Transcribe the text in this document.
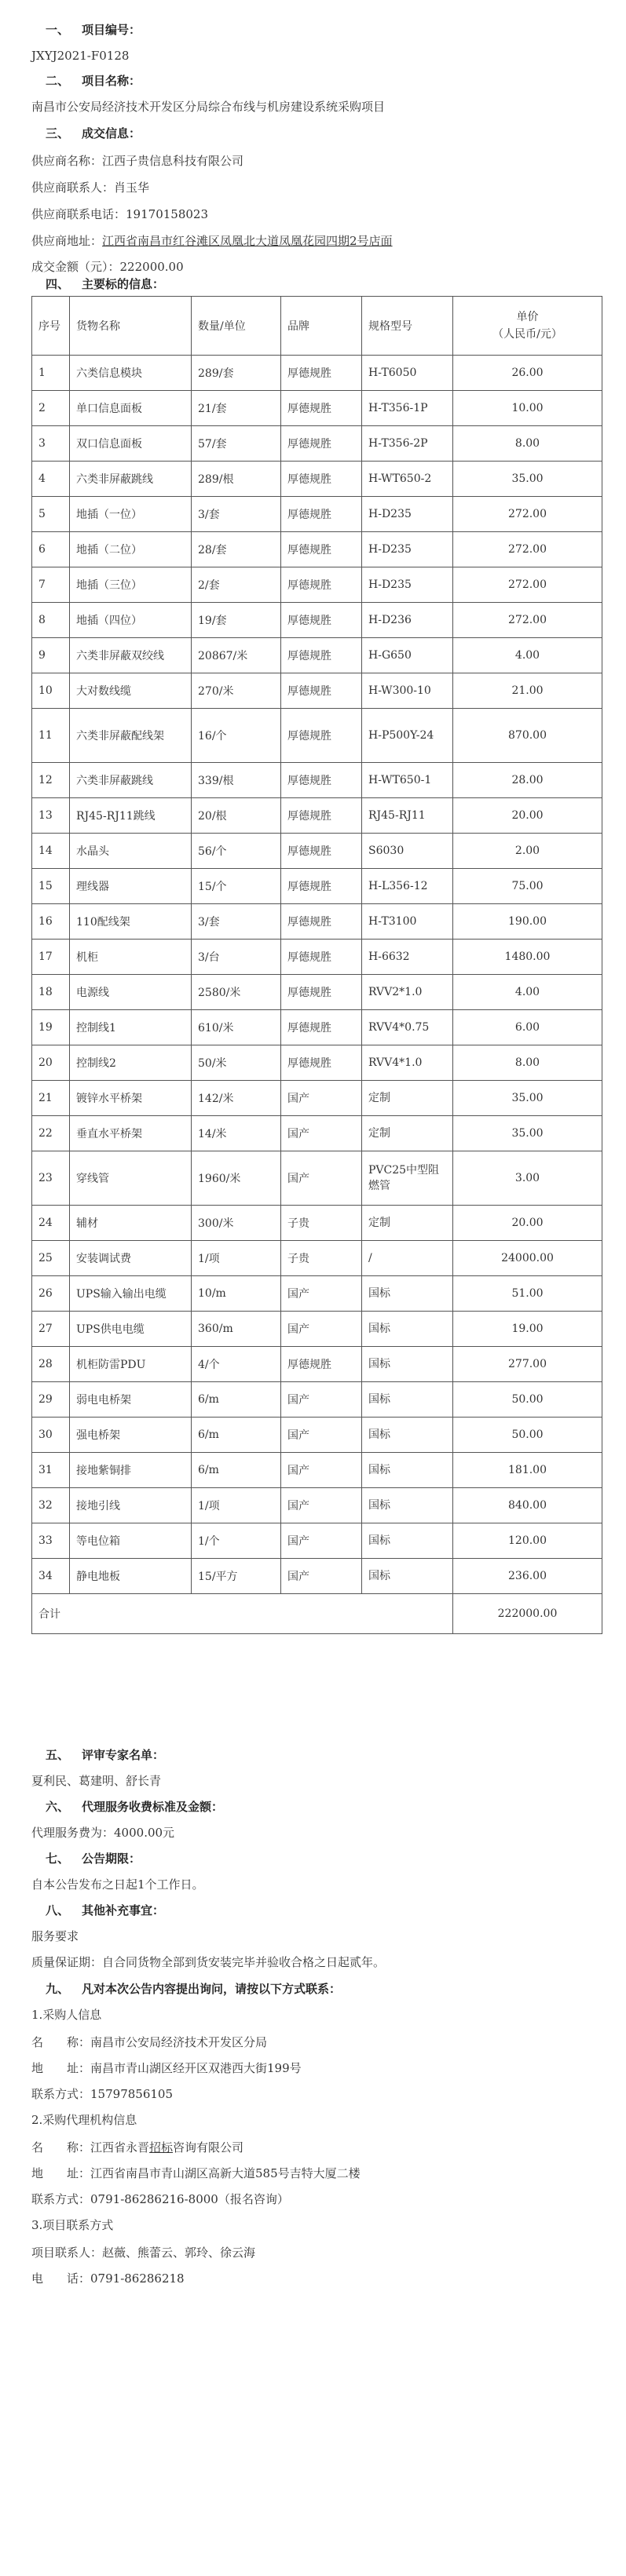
一、 项目编号：
JXYJ2021-F0128
二、 项目名称：
南昌市公安局经济技术开发区分局综合布线与机房建设系统采购项目
三、 成交信息：
供应商名称：江西子贵信息科技有限公司
供应商联系人：肖玉华
供应商联系电话：19170158023
供应商地址：江西省南昌市红谷滩区凤凰北大道凤凰花园四期2号店面
成交金额（元）：222000.00
四、 主要标的信息：
序号	货物名称	数量/单位	品牌	规格型号	单价
（人民币/元）

1	六类信息模块	289/套	厚德规胜	H-T6050	26.00
2	单口信息面板	21/套	厚德规胜	H-T356-1P	10.00
3	双口信息面板	57/套	厚德规胜	H-T356-2P	8.00
4	六类非屏蔽跳线	289/根	厚德规胜	H-WT650-2	35.00
5	地插（一位）	3/套	厚德规胜	H-D235	272.00
6	地插（二位）	28/套	厚德规胜	H-D235	272.00
7	地插（三位）	2/套	厚德规胜	H-D235	272.00
8	地插（四位）	19/套	厚德规胜	H-D236	272.00
9	六类非屏蔽双绞线	20867/米	厚德规胜	H-G650	4.00
10	大对数线缆	270/米	厚德规胜	H-W300-10	21.00
11	六类非屏蔽配线架	16/个	厚德规胜	H-P500Y-24	870.00
12	六类非屏蔽跳线	339/根	厚德规胜	H-WT650-1	28.00
13	RJ45-RJ11跳线	20/根	厚德规胜	RJ45-RJ11	20.00
14	水晶头	56/个	厚德规胜	S6030	2.00
15	理线器	15/个	厚德规胜	H-L356-12	75.00
16	110配线架	3/套	厚德规胜	H-T3100	190.00
17	机柜	3/台	厚德规胜	H-6632	1480.00
18	电源线	2580/米	厚德规胜	RVV2*1.0	4.00
19	控制线1	610/米	厚德规胜	RVV4*0.75	6.00
20	控制线2	50/米	厚德规胜	RVV4*1.0	8.00
21	镀锌水平桥架	142/米	国产	定制	35.00
22	垂直水平桥架	14/米	国产	定制	35.00
23	穿线管	1960/米	国产	PVC25中型阻燃管	3.00
24	辅材	300/米	子贵	定制	20.00
25	安装调试费	1/项	子贵	/	24000.00
26	UPS输入输出电缆	10/m	国产	国标	51.00
27	UPS供电电缆	360/m	国产	国标	19.00
28	机柜防雷PDU	4/个	厚德规胜	国标	277.00
29	弱电电桥架	6/m	国产	国标	50.00
30	强电桥架	6/m	国产	国标	50.00
31	接地紫铜排	6/m	国产	国标	181.00
32	接地引线	1/项	国产	国标	840.00
33	等电位箱	1/个	国产	国标	120.00
34	静电地板	15/平方	国产	国标	236.00
合计					222000.00
五、 评审专家名单：
夏利民、葛建明、舒长青
六、 代理服务收费标准及金额：
代理服务费为：4000.00元
七、 公告期限：
自本公告发布之日起1个工作日。
八、 其他补充事宜：
服务要求
质量保证期：自合同货物全部到货安装完毕并验收合格之日起贰年。
九、 凡对本次公告内容提出询问，请按以下方式联系：
1.采购人信息
名　　称：南昌市公安局经济技术开发区分局
地　　址：南昌市青山湖区经开区双港西大街199号
联系方式：15797856105
2.采购代理机构信息
名　　称：江西省永晋招标咨询有限公司
地　　址：江西省南昌市青山湖区高新大道585号吉特大厦二楼
联系方式：0791-86286216-8000（报名咨询）
3.项目联系方式
项目联系人：赵薇、熊蕾云、郭玲、徐云海
电　　话：0791-86286218
